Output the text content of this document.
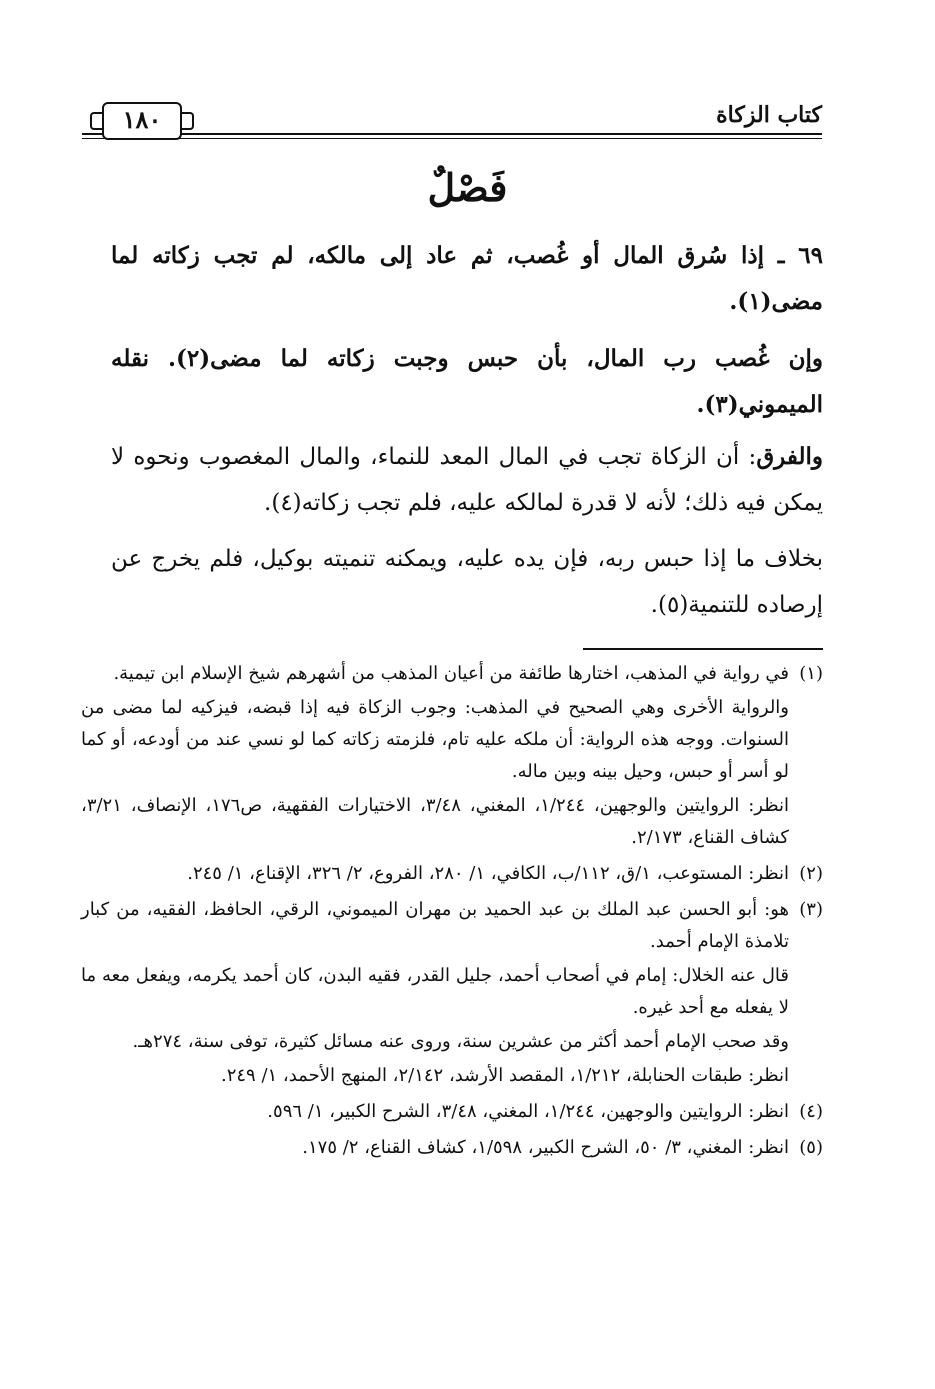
كتاب الزكاة
١٨٠
فَصْلٌ
٦٩ ـ إذا سُرق المال أو غُصب، ثم عاد إلى مالكه، لم تجب زكاته لما مضى(١).
وإن غُصب رب المال، بأن حبس وجبت زكاته لما مضى(٢). نقله الميموني(٣).
والفرق: أن الزكاة تجب في المال المعد للنماء، والمال المغصوب ونحوه لا يمكن فيه ذلك؛ لأنه لا قدرة لمالكه عليه، فلم تجب زكاته(٤).
بخلاف ما إذا حبس ربه، فإن يده عليه، ويمكنه تنميته بوكيل، فلم يخرج عن إرصاده للتنمية(٥).
(١)

في رواية في المذهب، اختارها طائفة من أعيان المذهب من أشهرهم شيخ الإسلام ابن تيمية.

والرواية الأخرى وهي الصحيح في المذهب: وجوب الزكاة فيه إذا قبضه، فيزكيه لما مضى من السنوات. ووجه هذه الرواية: أن ملكه عليه تام، فلزمته زكاته كما لو نسي عند من أودعه، أو كما لو أسر أو حبس، وحيل بينه وبين ماله.

انظر: الروايتين والوجهين، ١/٢٤٤، المغني، ٣/٤٨، الاختيارات الفقهية، ص١٧٦، الإنصاف، ٣/٢١، كشاف القناع، ٢/١٧٣.

(٢)

انظر: المستوعب، ١/ق، ١١٢/ب، الكافي، ١/ ٢٨٠، الفروع، ٢/ ٣٢٦، الإقناع، ١/ ٢٤٥.

(٣)

هو: أبو الحسن عبد الملك بن عبد الحميد بن مهران الميموني، الرقي، الحافظ، الفقيه، من كبار تلامذة الإمام أحمد.

قال عنه الخلال: إمام في أصحاب أحمد، جليل القدر، فقيه البدن، كان أحمد يكرمه، ويفعل معه ما لا يفعله مع أحد غيره.

وقد صحب الإمام أحمد أكثر من عشرين سنة، وروى عنه مسائل كثيرة، توفى سنة، ٢٧٤هـ.

انظر: طبقات الحنابلة، ١/٢١٢، المقصد الأرشد، ٢/١٤٢، المنهج الأحمد، ١/ ٢٤٩.

(٤)

انظر: الروايتين والوجهين، ١/٢٤٤، المغني، ٣/٤٨، الشرح الكبير، ١/ ٥٩٦.

(٥)

انظر: المغني، ٣/ ٥٠، الشرح الكبير، ١/٥٩٨، كشاف القناع، ٢/ ١٧٥.
